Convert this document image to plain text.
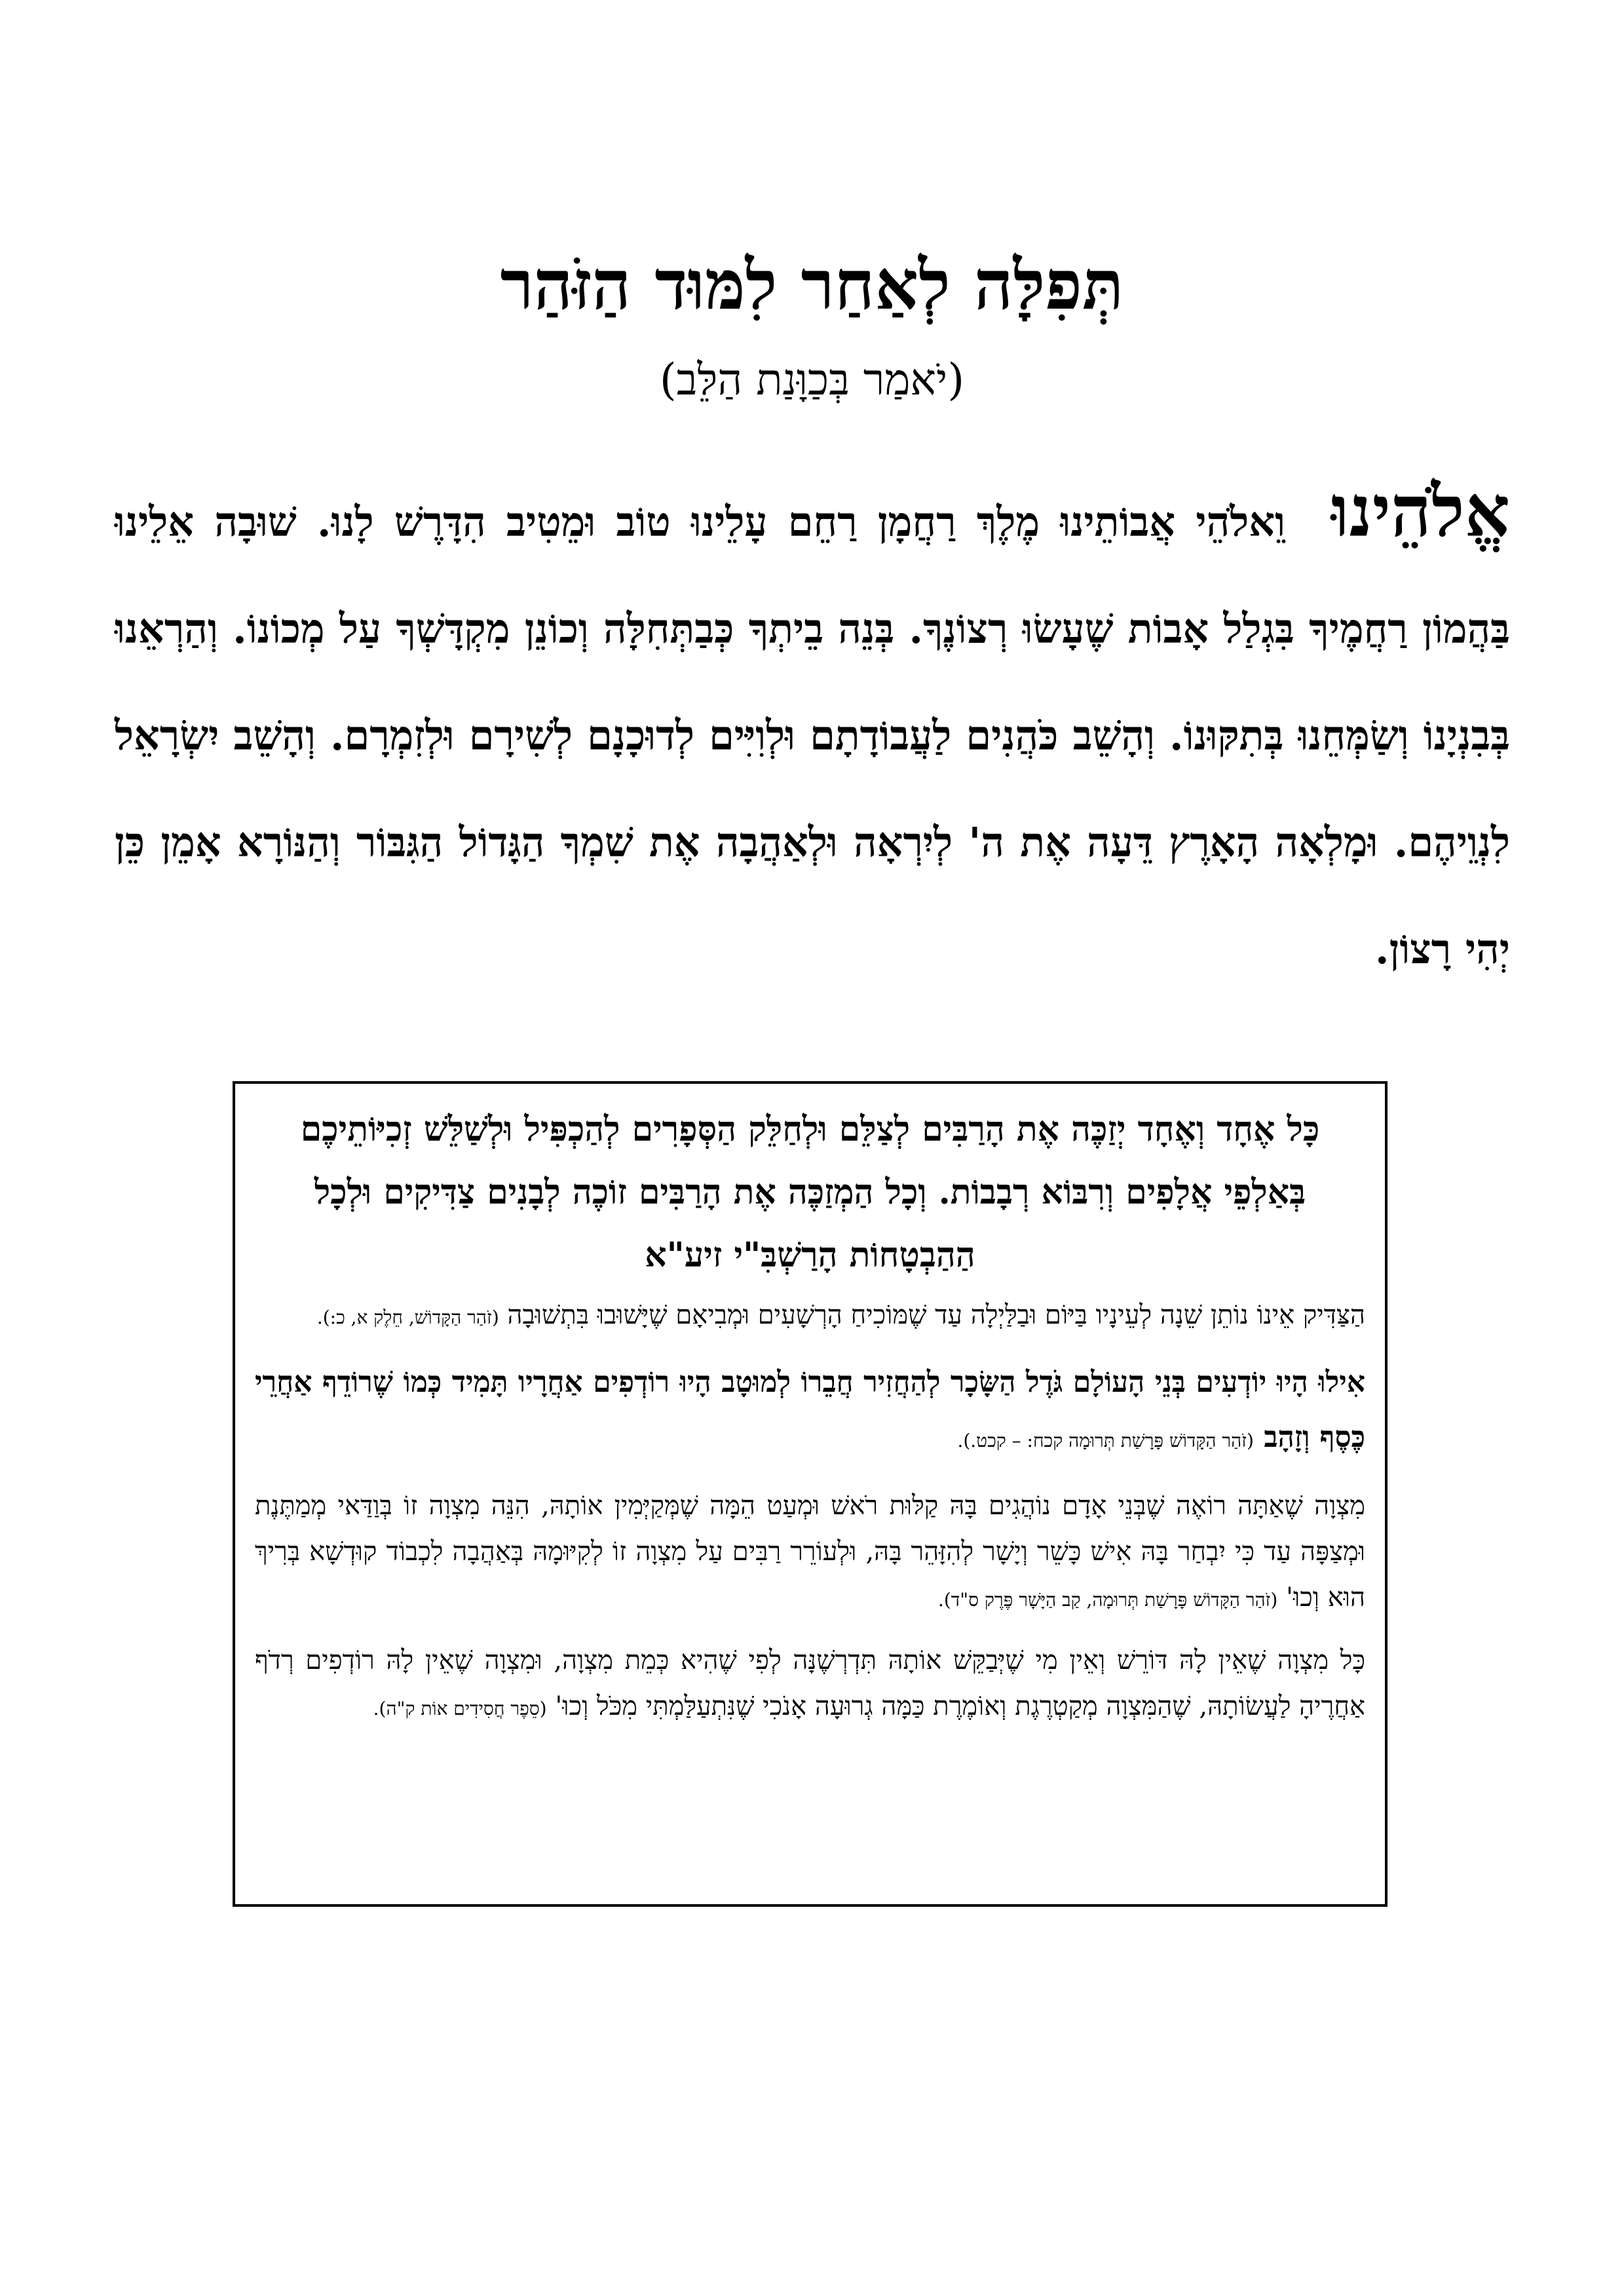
תְּפִלָּה לְאַחַר לִמּוּד הַזֹּהַר
(יֹאמַר בְּכַוָּנַת הַלֵּב)
אֱלֹהֵינוּוֵאלֹהֵי אֲבוֹתֵינוּ מֶלֶךְ רַחֲמָן רַחֵם עָלֵינוּ טוֹב וּמֵטִיב הִדָּרֶשׁ לָנוּ. שׁוּבָה אֵלֵינוּ בַּהֲמוֹן רַחֲמֶיךָ בִּגְלַל אָבוֹת שֶׁעָשׂוּ רְצוֹנֶךָ. בְּנֵה בֵיתְךָ כְּבַתְּחִלָּה וְכוֹנֵן מִקְדָּשְׁךָ עַל מְכוֹנוֹ. וְהַרְאֵנוּ בְּבִנְיָנוֹ וְשַׂמְּחֵנוּ בְּתִקּוּנוֹ. וְהָשֵׁב כֹּהֲנִים לַעֲבוֹדָתָם וּלְוִיִּים לְדוּכָנָם לְשִׁירָם וּלְזִמְרָם. וְהָשֵׁב יִשְׂרָאֵל לִנְוֵיהֶם. וּמָלְאָה הָאָרֶץ דֵּעָה אֶת ה' לְיִרְאָה וּלְאַהֲבָה אֶת שִׁמְךָ הַגָּדוֹל הַגִּבּוֹר וְהַנּוֹרָא אָמֵן כֵּן יְהִי רָצוֹן.
כָּל אֶחָד וְאֶחָד יְזַכֶּה אֶת הָרַבִּים לְצַלֵּם וּלְחַלֵּק הַסְּפָרִים לְהַכְפִּיל וּלְשַׁלֵּשׁ זְכִיּוֹתֵיכֶם בְּאַלְפֵי אֲלָפִים וְרִבּוֹא רְבָבוֹת. וְכָל הַמְזַכֶּה אֶת הָרַבִּים זוֹכֶה לְבָנִים צַדִּיקִים וּלְכָל הַהַבְטָחוֹת הָרַשְׁבִּ"י זיע"א

הַצַּדִּיק אֵינוֹ נוֹתֵן שֵׁנָה לְעֵינָיו בַּיּוֹם וּבַלַּיְלָה עַד שֶׁמּוֹכִיחַ הָרְשָׁעִים וּמְבִיאָם שֶׁיָּשׁוּבוּ בִּתְשׁוּבָה (זֹהַר הַקָּדוֹשׁ, חֵלֶק א, כ:).

אִילוּ הָיוּ יוֹדְעִים בְּנֵי הָעוֹלָם גֹּדֶל הַשָּׂכָר לְהַחֲזִיר חֲבֵרוֹ לְמוּטָב הָיוּ רוֹדְפִים אַחֲרָיו תָּמִיד כְּמוֹ שֶׁרוֹדֵף אַחֲרֵי כֶּסֶף וְזָהָב (זֹהַר הַקָּדוֹשׁ פָּרָשַׁת תְּרוּמָה קכח: – קכט.).

מִצְוָה שֶׁאַתָּה רוֹאֶה שֶׁבְּנֵי אָדָם נוֹהֲגִים בָּהּ קַלּוּת רֹאשׁ וּמְעַט הֵמָּה שֶׁמְּקַיְּמִין אוֹתָהּ, הִנֵּה מִצְוָה זוֹ בְּוַדַּאי מְמַתֶּנֶת וּמְצַפָּה עַד כִּי יִבְחַר בָּהּ אִישׁ כָּשֵׁר וְיָשָׁר לְהִזָּהֵר בָּהּ, וּלְעוֹרֵר רַבִּים עַל מִצְוָה זוֹ לְקִיּוּמָהּ בְּאַהֲבָה לִכְבוֹד קוּדְשָׁא בְּרִיךְ הוּא וְכוּ' (זֹהַר הַקָּדוֹשׁ פָּרָשַׁת תְּרוּמָה, קַב הַיָּשָׁר פֶּרֶק ס"ד).

כָּל מִצְוָה שֶׁאֵין לָהּ דּוֹרֵשׁ וְאֵין מִי שֶׁיְּבַקֵּשׁ אוֹתָהּ תִּדְרְשֶׁנָּה לְפִי שֶׁהִיא כְּמֵת מִצְוָה, וּמִצְוָה שֶׁאֵין לָהּ רוֹדְפִים רְדֹף אַחֲרֶיהָ לַעֲשׂוֹתָהּ, שֶׁהַמִּצְוָה מְקַטְרֶגֶת וְאוֹמֶרֶת כַּמָּה גְרוּעָה אָנֹכִי שֶׁנִּתְעַלַּמְתִּי מִכֹּל וְכוּ' (סֵפֶר חֲסִידִים אוֹת ק"ה).
